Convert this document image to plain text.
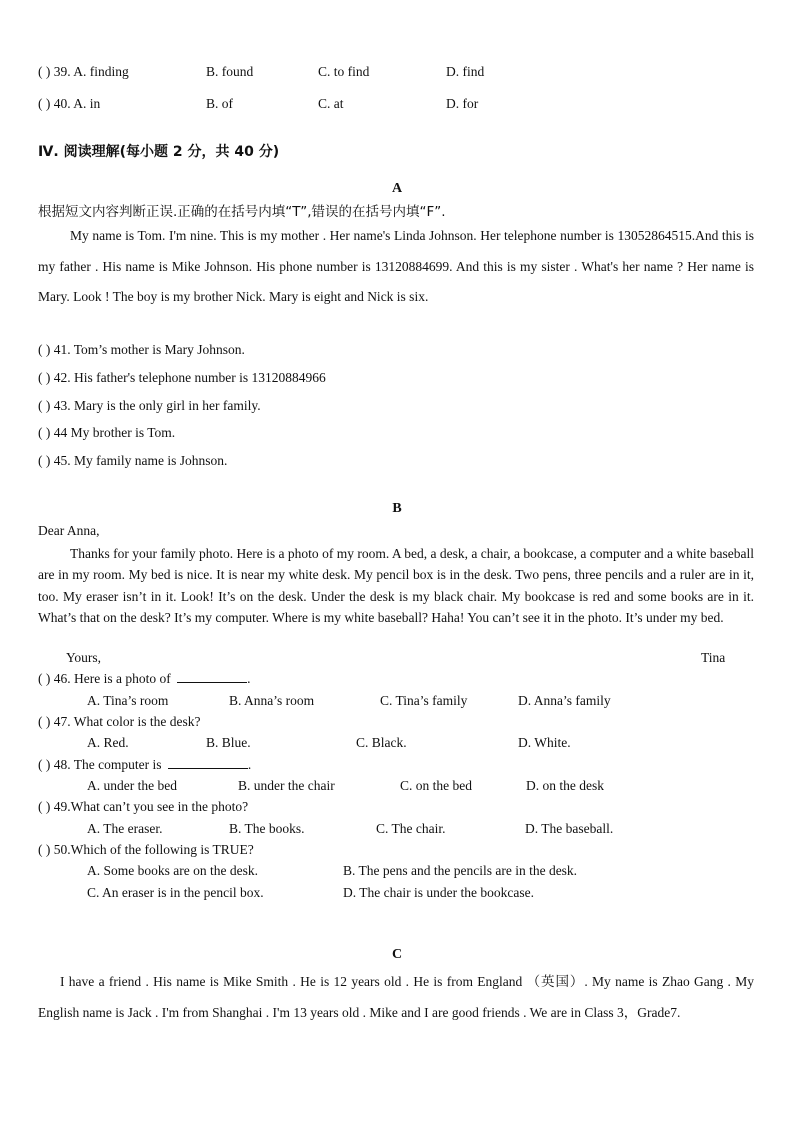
( ) 39. A. finding	B. found	C. to find	D. find
( ) 40. A. in	B. of	C. at	D. for
Ⅳ. 阅读理解(每小题 2 分，共 40 分)
A
根据短文内容判断正误.正确的在括号内填“T”,错误的在括号内填“F”.
My name is Tom. I'm nine. This is my mother . Her name's Linda Johnson. Her telephone number is 13052864515.And this is my father . His name is Mike Johnson. His phone number is 13120884699. And this is my sister . What's her name ? Her name is Mary. Look ! The boy is my brother Nick. Mary is eight and Nick is six.
( ) 41. Tom’s mother is Mary Johnson.
( ) 42. His father's telephone number is 13120884966
( ) 43. Mary is the only girl in her family.
( ) 44 My brother is Tom.
( ) 45. My family name is Johnson.
B
Dear Anna,
Thanks for your family photo. Here is a photo of my room. A bed, a desk, a chair, a bookcase, a computer and a white baseball are in my room. My bed is nice. It is near my white desk. My pencil box is in the desk. Two pens, three pencils and a ruler are in it, too. My eraser isn’t in it. Look! It’s on the desk. Under the desk is my black chair. My bookcase is red and some books are in it. What’s that on the desk? It’s my computer. Where is my white baseball? Haha! You can’t see it in the photo. It’s under my bed.
Yours,	Tina
( ) 46. Here is a photo of	.
A. Tina’s room	B. Anna’s room	C. Tina’s family	D. Anna’s family
( ) 47. What color is the desk?
A. Red.	B. Blue.	C. Black.	D. White.
( ) 48. The computer is	.
A. under the bed	B. under the chair	C. on the bed	D. on the desk
( ) 49.What can’t you see in the photo?
A. The eraser.	B. The books.	C. The chair.	D. The baseball.
( ) 50.Which of the following is TRUE?
A. Some books are on the desk.	B. The pens and the pencils are in the desk.
C. An eraser is in the pencil box.	D. The chair is under the bookcase.
C
I have a friend . His name is Mike Smith . He is 12 years old . He is from England （英国）. My name is Zhao Gang . My English name is Jack . I'm from Shanghai . I'm 13 years old . Mike and I are good friends . We are in Class 3，Grade7.
